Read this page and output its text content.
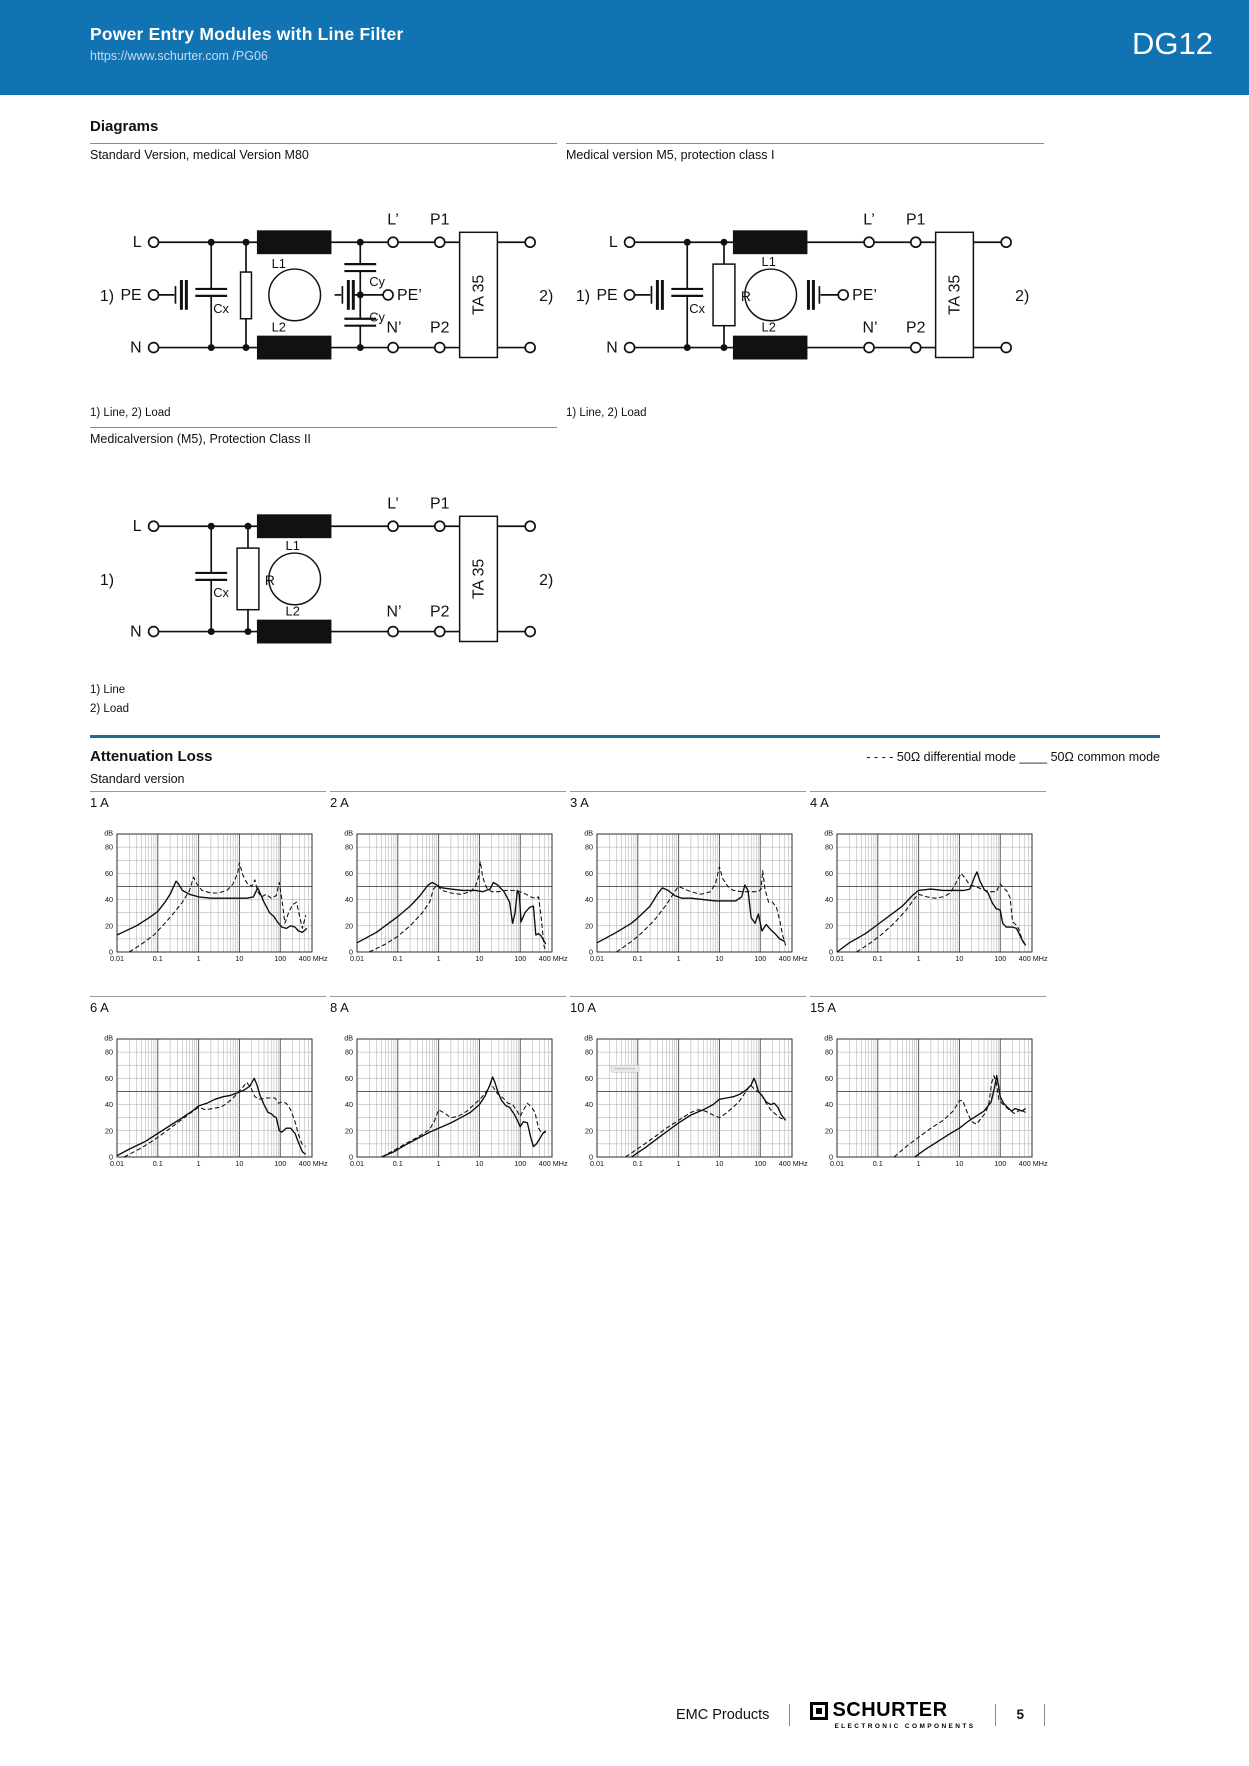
Power Entry Modules with Line Filter
https://www.schurter.com /PG06	DG12
Diagrams
Standard Version, medical Version M80
TA 35
1)
L
PE
N
Cx
L1
L2
Cy
Cy
L’ P1
N’ P2
PE’	2)
1) Line, 2) Load
Medicalversion (M5), Protection Class II
TA 35
1)
L
N
Cx
R
L1
L2
L’ P1
N’ P2
2)
1) Line
2) Load
Medical version M5, protection class I
TA 35
1)
L
PE
N
Cx
R
L1
L2
L’ P1
N’ P2
PE’	2)
1) Line, 2) Load
Attenuation Loss	- - - - 50Ω differential mode ____ 50Ω common mode
Standard version
1 A
dB
0
20
40
60
80
0.01	0.1	1	10	100 400 MHz
2 A
dB
0
20
40
60
80
0.01	0.1	1	10	100 400 MHz
3 A
dB
0
20
40
60
80
0.01	0.1	1	10	100 400 MHz
4 A
dB
0
20
40
60
80
0.01	0.1	1	10	100 400 MHz
6 A
dB
0
20
40
60
80
0.01	0.1	1	10	100 400 MHz
8 A
dB
0
20
40
60
80
0.01	0.1	1	10	100 400 MHz
10 A
dB
0
20
40
60
80
0.01	0.1	1	10	100 400 MHz
15 A
dB
0
20
40
60
80
0.01	0.1	1	10	100 400 MHz
EMC Products	SCHURTER
ELECTRONIC COMPONENTS
5
